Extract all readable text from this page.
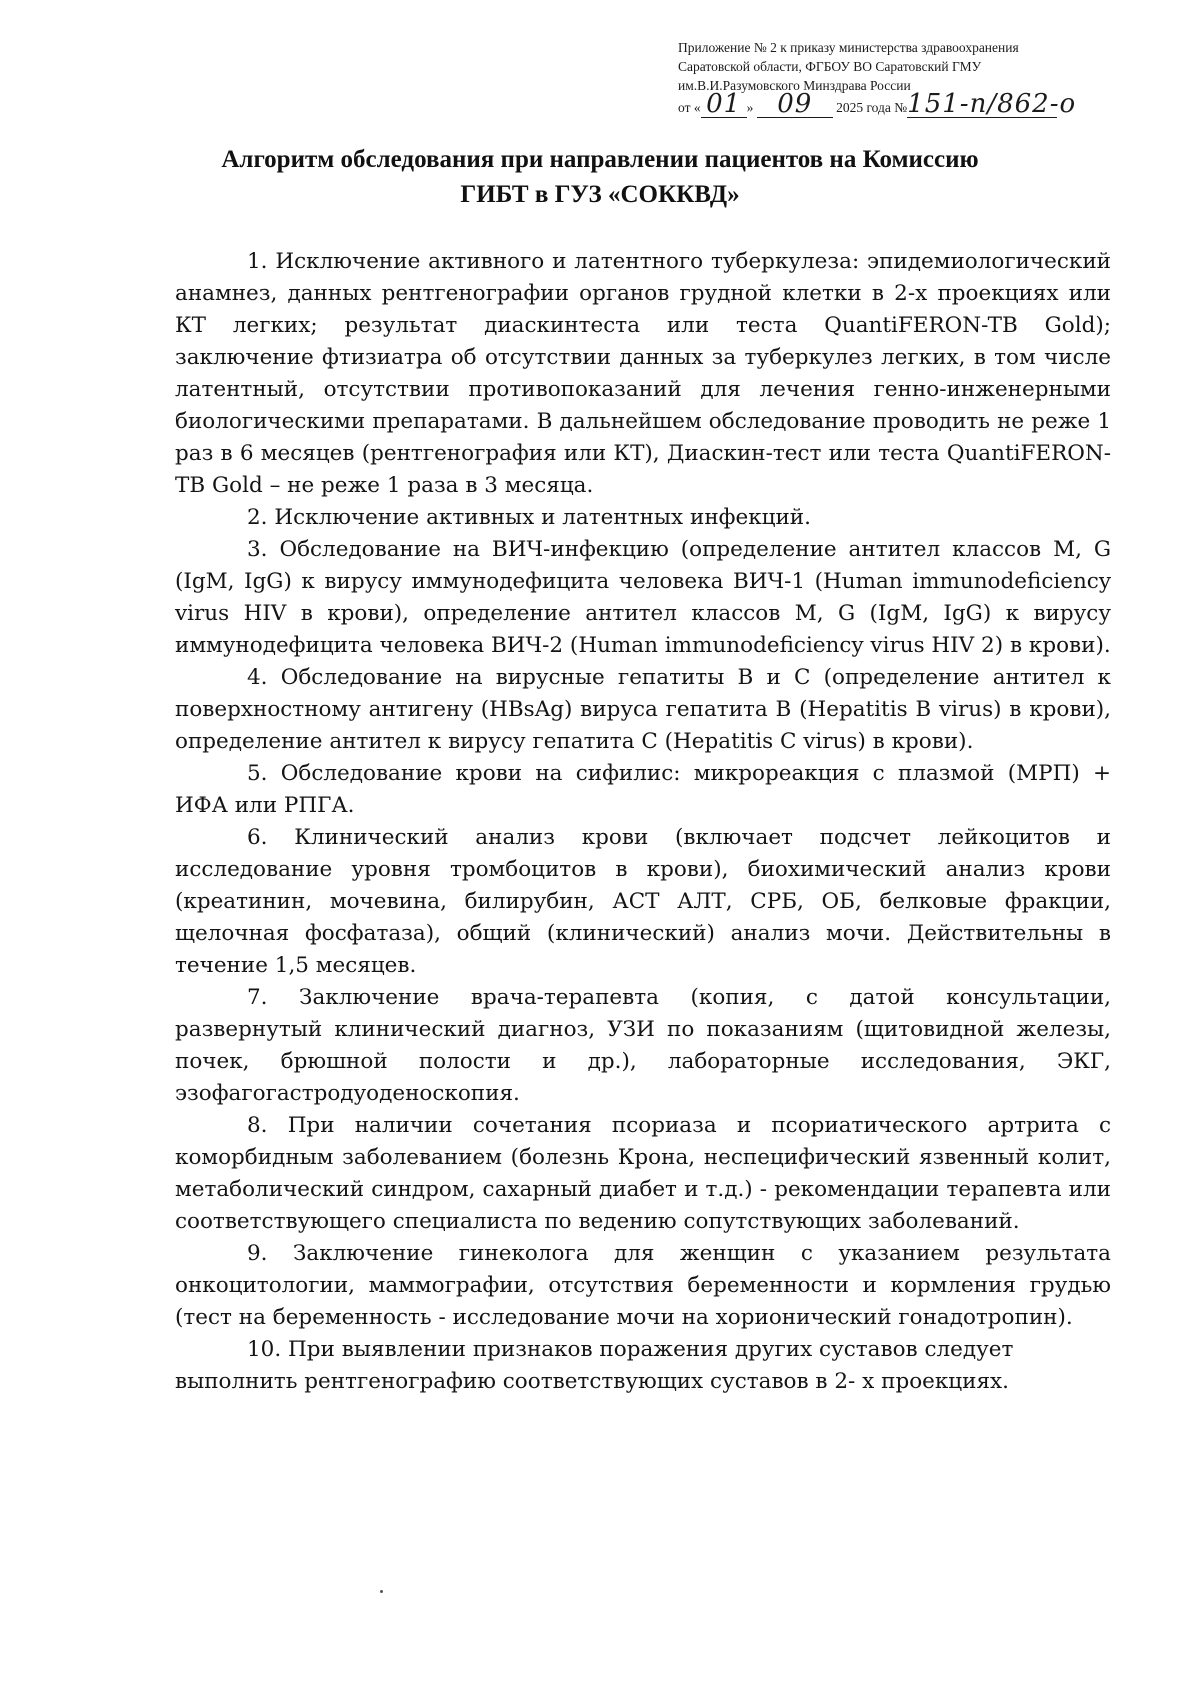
Приложение № 2 к приказу министерства здравоохранения
Саратовской области, ФГБОУ ВО Саратовский ГМУ
им.В.И.Разумовского Минздрава России
от « 01 » 09 2025 года №151-п/862-о
Алгоритм обследования при направлении пациентов на Комиссию
ГИБТ в ГУЗ «СОККВД»

1. Исключение активного и латентного туберкулеза: эпидемиологический анамнез, данных рентгенографии органов грудной клетки в 2-х проекциях или КТ легких; результат диаскинтеста или теста QuantiFERON-TB Gold); заключение фтизиатра об отсутствии данных за туберкулез легких, в том числе латентный, отсутствии противопоказаний для лечения генно-инженерными биологическими препаратами. В дальнейшем обследование проводить не реже 1 раз в 6 месяцев (рентгенография или КТ), Диаскин-тест или теста QuantiFERON-TB Gold – не реже 1 раза в 3 месяца.

2. Исключение активных и латентных инфекций.

3. Обследование на ВИЧ-инфекцию (определение антител классов M, G (IgM, IgG) к вирусу иммунодефицита человека ВИЧ-1 (Human immunodeficiency virus HIV в крови), определение антител классов M, G (IgM, IgG) к вирусу иммунодефицита человека ВИЧ-2 (Human immunodeficiency virus HIV 2) в крови).

4. Обследование на вирусные гепатиты В и С (определение антител к поверхностному антигену (HBsAg) вируса гепатита B (Hepatitis B virus) в крови), определение антител к вирусу гепатита C (Hepatitis C virus) в крови).

5. Обследование крови на сифилис: микрореакция с плазмой (МРП) + ИФА или РПГА.

6. Клинический анализ крови (включает подсчет лейкоцитов и исследование уровня тромбоцитов в крови), биохимический анализ крови (креатинин, мочевина, билирубин, АСТ АЛТ, СРБ, ОБ, белковые фракции, щелочная фосфатаза), общий (клинический) анализ мочи. Действительны в течение 1,5 месяцев.

7. Заключение врача-терапевта (копия, с датой консультации, развернутый клинический диагноз, УЗИ по показаниям (щитовидной железы, почек, брюшной полости и др.), лабораторные исследования, ЭКГ, эзофагогастродуоденоскопия.

8. При наличии сочетания псориаза и псориатического артрита с коморбидным заболеванием (болезнь Крона, неспецифический язвенный колит, метаболический синдром, сахарный диабет и т.д.) - рекомендации терапевта или соответствующего специалиста по ведению сопутствующих заболеваний.

9. Заключение гинеколога для женщин с указанием результата онкоцитологии, маммографии, отсутствия беременности и кормления грудью (тест на беременность - исследование мочи на хорионический гонадотропин).

10. При выявлении признаков поражения других суставов следует выполнить рентгенографию соответствующих суставов в 2- х проекциях.
